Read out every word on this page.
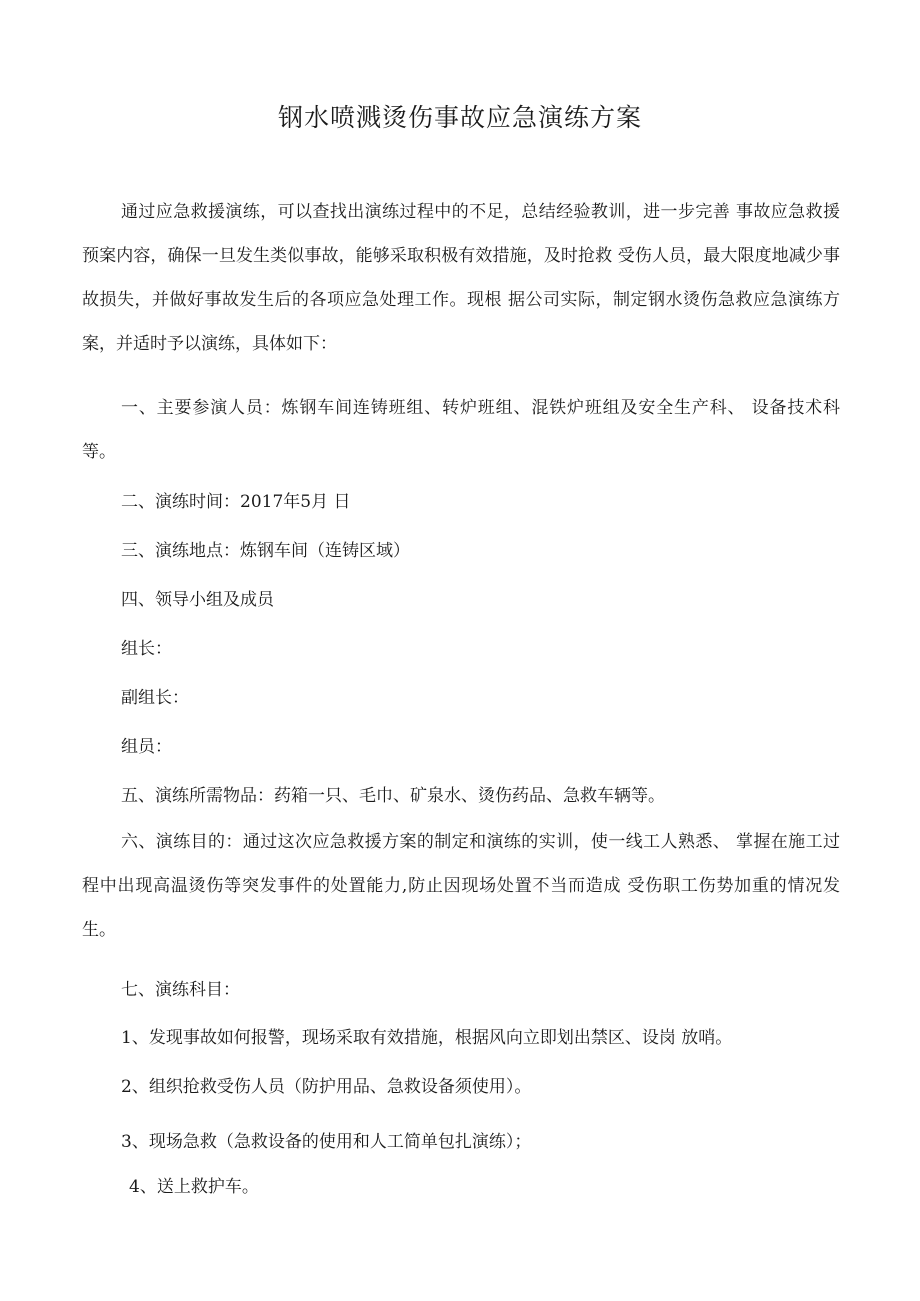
钢水喷溅烫伤事故应急演练方案

通过应急救援演练，可以查找出演练过程中的不足，总结经验教训，进一步完善 事故应急救援预案内容，确保一旦发生类似事故，能够采取积极有效措施，及时抢救 受伤人员，最大限度地减少事故损失，并做好事故发生后的各项应急处理工作。现根 据公司实际，制定钢水烫伤急救应急演练方案，并适时予以演练，具体如下：

一、主要参演人员：炼钢车间连铸班组、转炉班组、混铁炉班组及安全生产科、 设备技术科等。

二、演练时间：2017年5月 日
三、演练地点：炼钢车间（连铸区域）
四、领导小组及成员
组长：
副组长：
组员：
五、演练所需物品：药箱一只、毛巾、矿泉水、烫伤药品、急救车辆等。

六、演练目的：通过这次应急救援方案的制定和演练的实训，使一线工人熟悉、 掌握在施工过程中出现高温烫伤等突发事件的处置能力,防止因现场处置不当而造成 受伤职工伤势加重的情况发生。

七、演练科目：
1、发现事故如何报警，现场采取有效措施，根据风向立即划出禁区、设岗 放哨。
2、组织抢救受伤人员（防护用品、急救设备须使用）。
3、现场急救（急救设备的使用和人工简单包扎演练）；
4、送上救护车。
